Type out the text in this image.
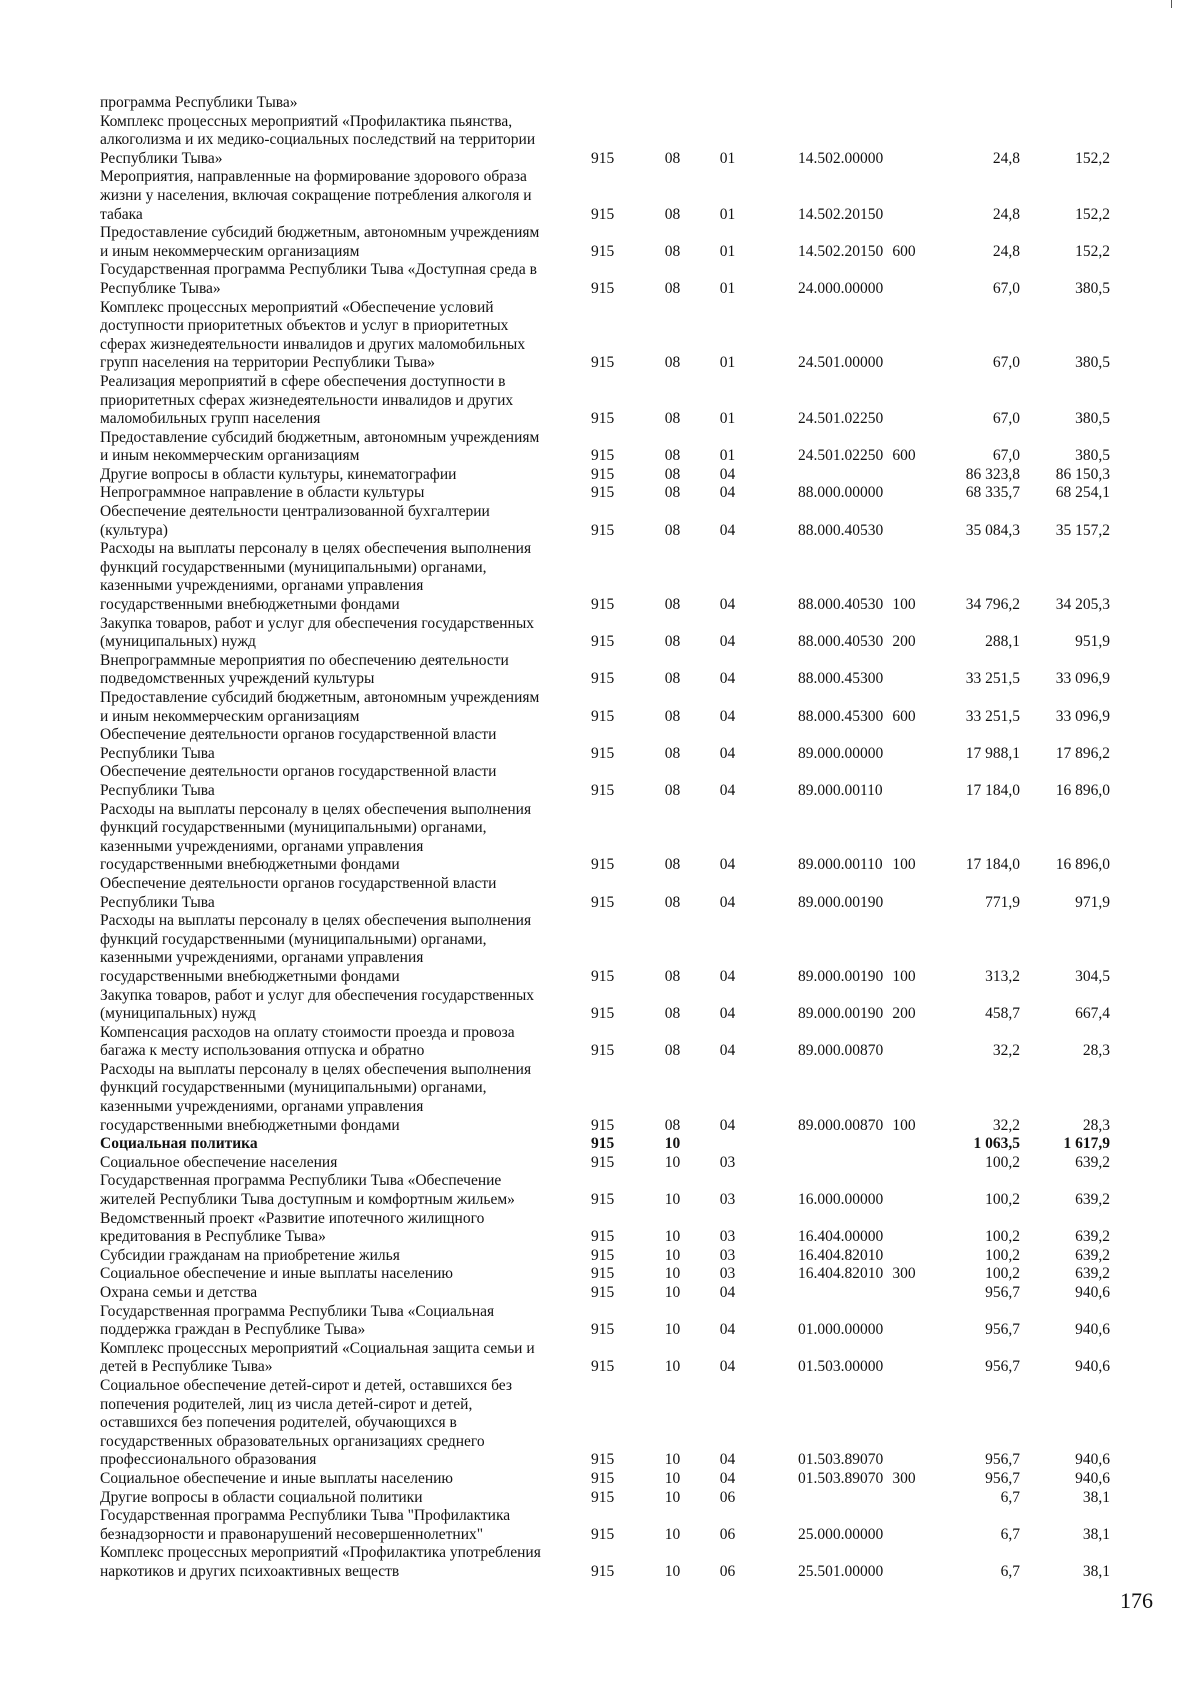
программа Республики Тыва»							
Комплекс процессных мероприятий «Профилактика пьянства, алкоголизма и их медико-социальных последствий на территории Республики Тыва»	915	08	01	14.502.00000		24,8	152,2
Мероприятия, направленные на формирование здорового образа жизни у населения, включая сокращение потребления алкоголя и табака	915	08	01	14.502.20150		24,8	152,2
Предоставление субсидий бюджетным, автономным учреждениям и иным некоммерческим организациям	915	08	01	14.502.20150	600	24,8	152,2
Государственная программа Республики Тыва «Доступная среда в Республике Тыва»	915	08	01	24.000.00000		67,0	380,5
Комплекс процессных мероприятий «Обеспечение условий доступности приоритетных объектов и услуг в приоритетных сферах жизнедеятельности инвалидов и других маломобильных групп населения на территории Республики Тыва»	915	08	01	24.501.00000		67,0	380,5
Реализация мероприятий в сфере обеспечения доступности в приоритетных сферах жизнедеятельности инвалидов и других маломобильных групп населения	915	08	01	24.501.02250		67,0	380,5
Предоставление субсидий бюджетным, автономным учреждениям и иным некоммерческим организациям	915	08	01	24.501.02250	600	67,0	380,5
Другие вопросы в области культуры, кинематографии	915	08	04			86 323,8	86 150,3
Непрограммное направление в области культуры	915	08	04	88.000.00000		68 335,7	68 254,1
Обеспечение деятельности централизованной бухгалтерии (культура)	915	08	04	88.000.40530		35 084,3	35 157,2
Расходы на выплаты персоналу в целях обеспечения выполнения функций государственными (муниципальными) органами, казенными учреждениями, органами управления государственными внебюджетными фондами	915	08	04	88.000.40530	100	34 796,2	34 205,3
Закупка товаров, работ и услуг для обеспечения государственных (муниципальных) нужд	915	08	04	88.000.40530	200	288,1	951,9
Внепрограммные мероприятия по обеспечению деятельности подведомственных учреждений культуры	915	08	04	88.000.45300		33 251,5	33 096,9
Предоставление субсидий бюджетным, автономным учреждениям и иным некоммерческим организациям	915	08	04	88.000.45300	600	33 251,5	33 096,9
Обеспечение деятельности органов государственной власти Республики Тыва	915	08	04	89.000.00000		17 988,1	17 896,2
Обеспечение деятельности органов государственной власти Республики Тыва	915	08	04	89.000.00110		17 184,0	16 896,0
Расходы на выплаты персоналу в целях обеспечения выполнения функций государственными (муниципальными) органами, казенными учреждениями, органами управления государственными внебюджетными фондами	915	08	04	89.000.00110	100	17 184,0	16 896,0
Обеспечение деятельности органов государственной власти Республики Тыва	915	08	04	89.000.00190		771,9	971,9
Расходы на выплаты персоналу в целях обеспечения выполнения функций государственными (муниципальными) органами, казенными учреждениями, органами управления государственными внебюджетными фондами	915	08	04	89.000.00190	100	313,2	304,5
Закупка товаров, работ и услуг для обеспечения государственных (муниципальных) нужд	915	08	04	89.000.00190	200	458,7	667,4
Компенсация расходов на оплату стоимости проезда и провоза багажа к месту использования отпуска и обратно	915	08	04	89.000.00870		32,2	28,3
Расходы на выплаты персоналу в целях обеспечения выполнения функций государственными (муниципальными) органами, казенными учреждениями, органами управления государственными внебюджетными фондами	915	08	04	89.000.00870	100	32,2	28,3
Социальная политика	915	10				1 063,5	1 617,9
Социальное обеспечение населения	915	10	03			100,2	639,2
Государственная программа Республики Тыва «Обеспечение жителей Республики Тыва доступным и комфортным жильем»	915	10	03	16.000.00000		100,2	639,2
Ведомственный проект «Развитие ипотечного жилищного кредитования в Республике Тыва»	915	10	03	16.404.00000		100,2	639,2
Субсидии гражданам на приобретение жилья	915	10	03	16.404.82010		100,2	639,2
Социальное обеспечение и иные выплаты населению	915	10	03	16.404.82010	300	100,2	639,2
Охрана семьи и детства	915	10	04			956,7	940,6
Государственная программа Республики Тыва «Социальная поддержка граждан в Республике Тыва»	915	10	04	01.000.00000		956,7	940,6
Комплекс процессных мероприятий «Социальная защита семьи и детей в Республике Тыва»	915	10	04	01.503.00000		956,7	940,6
Социальное обеспечение детей-сирот и детей, оставшихся без попечения родителей, лиц из числа детей-сирот и детей, оставшихся без попечения родителей, обучающихся в государственных образовательных организациях среднего профессионального образования	915	10	04	01.503.89070		956,7	940,6
Социальное обеспечение и иные выплаты населению	915	10	04	01.503.89070	300	956,7	940,6
Другие вопросы в области социальной политики	915	10	06			6,7	38,1
Государственная программа Республики Тыва "Профилактика безнадзорности и правонарушений несовершеннолетних"	915	10	06	25.000.00000		6,7	38,1
Комплекс процессных мероприятий «Профилактика употребления наркотиков и других психоактивных веществ	915	10	06	25.501.00000		6,7	38,1
176
